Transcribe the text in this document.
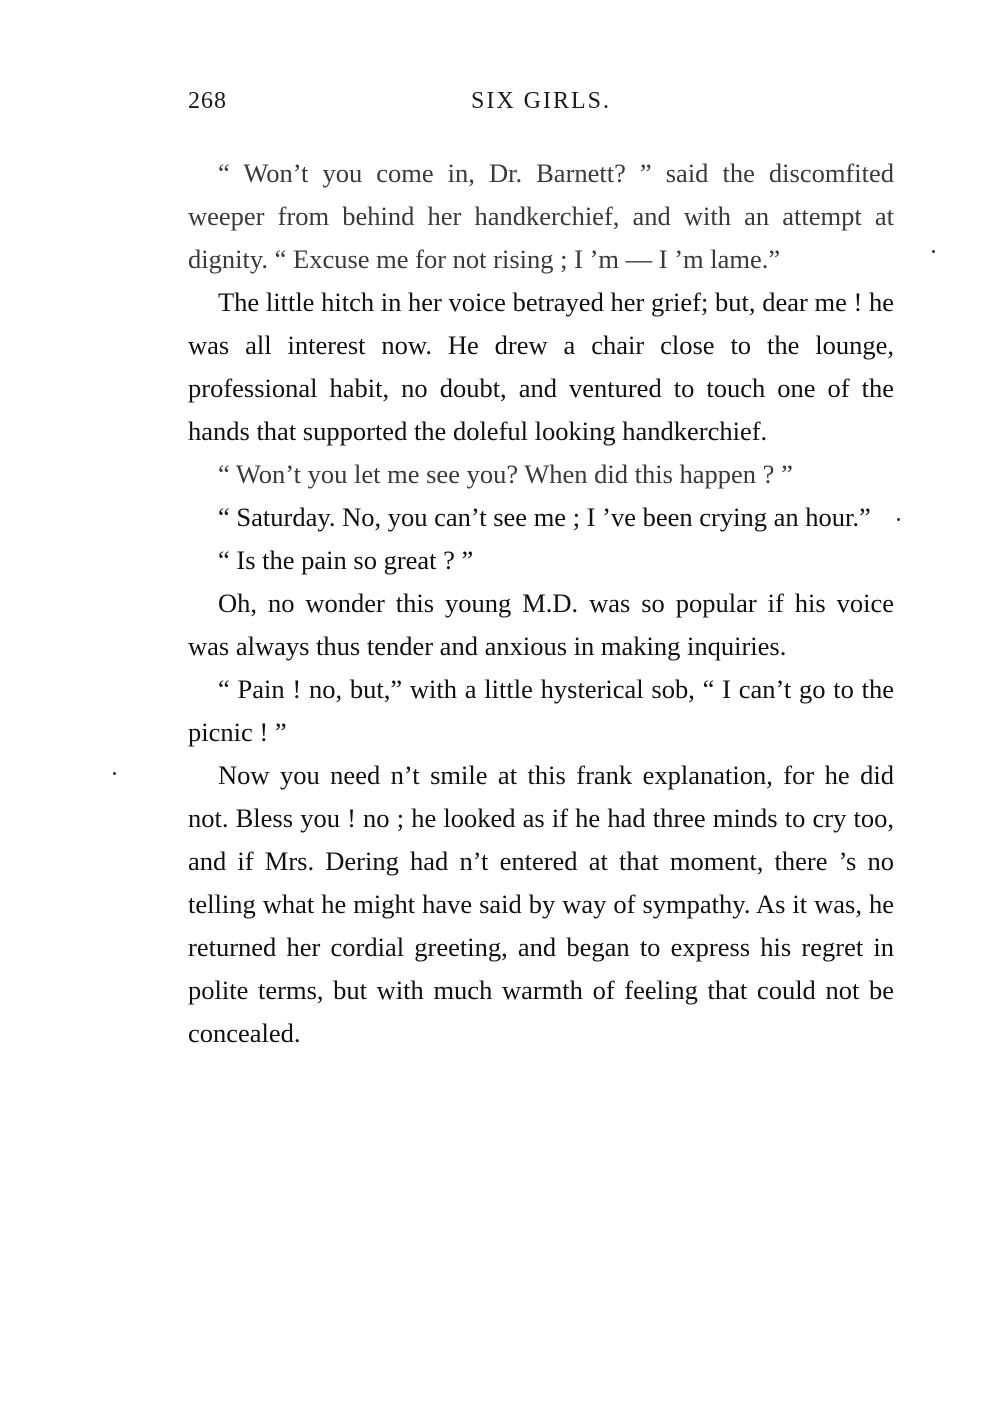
268	SIX GIRLS.

“ Won’t you come in, Dr. Barnett? ” said the discomfited weeper from behind her handkerchief, and with an attempt at dignity. “ Excuse me for not rising ; I ’m — I ’m lame.”

The little hitch in her voice betrayed her grief; but, dear me ! he was all interest now. He drew a chair close to the lounge, professional habit, no doubt, and ventured to touch one of the hands that supported the doleful looking handkerchief.

“ Won’t you let me see you? When did this happen ? ”

“ Saturday. No, you can’t see me ; I ’ve been crying an hour.”

“ Is the pain so great ? ”

Oh, no wonder this young M.D. was so popular if his voice was always thus tender and anxious in making inquiries.

“ Pain ! no, but,” with a little hysterical sob, “ I can’t go to the picnic ! ”

Now you need n’t smile at this frank explanation, for he did not. Bless you ! no ; he looked as if he had three minds to cry too, and if Mrs. Dering had n’t entered at that moment, there ’s no telling what he might have said by way of sympathy. As it was, he returned her cordial greeting, and began to express his regret in polite terms, but with much warmth of feeling that could not be concealed.
